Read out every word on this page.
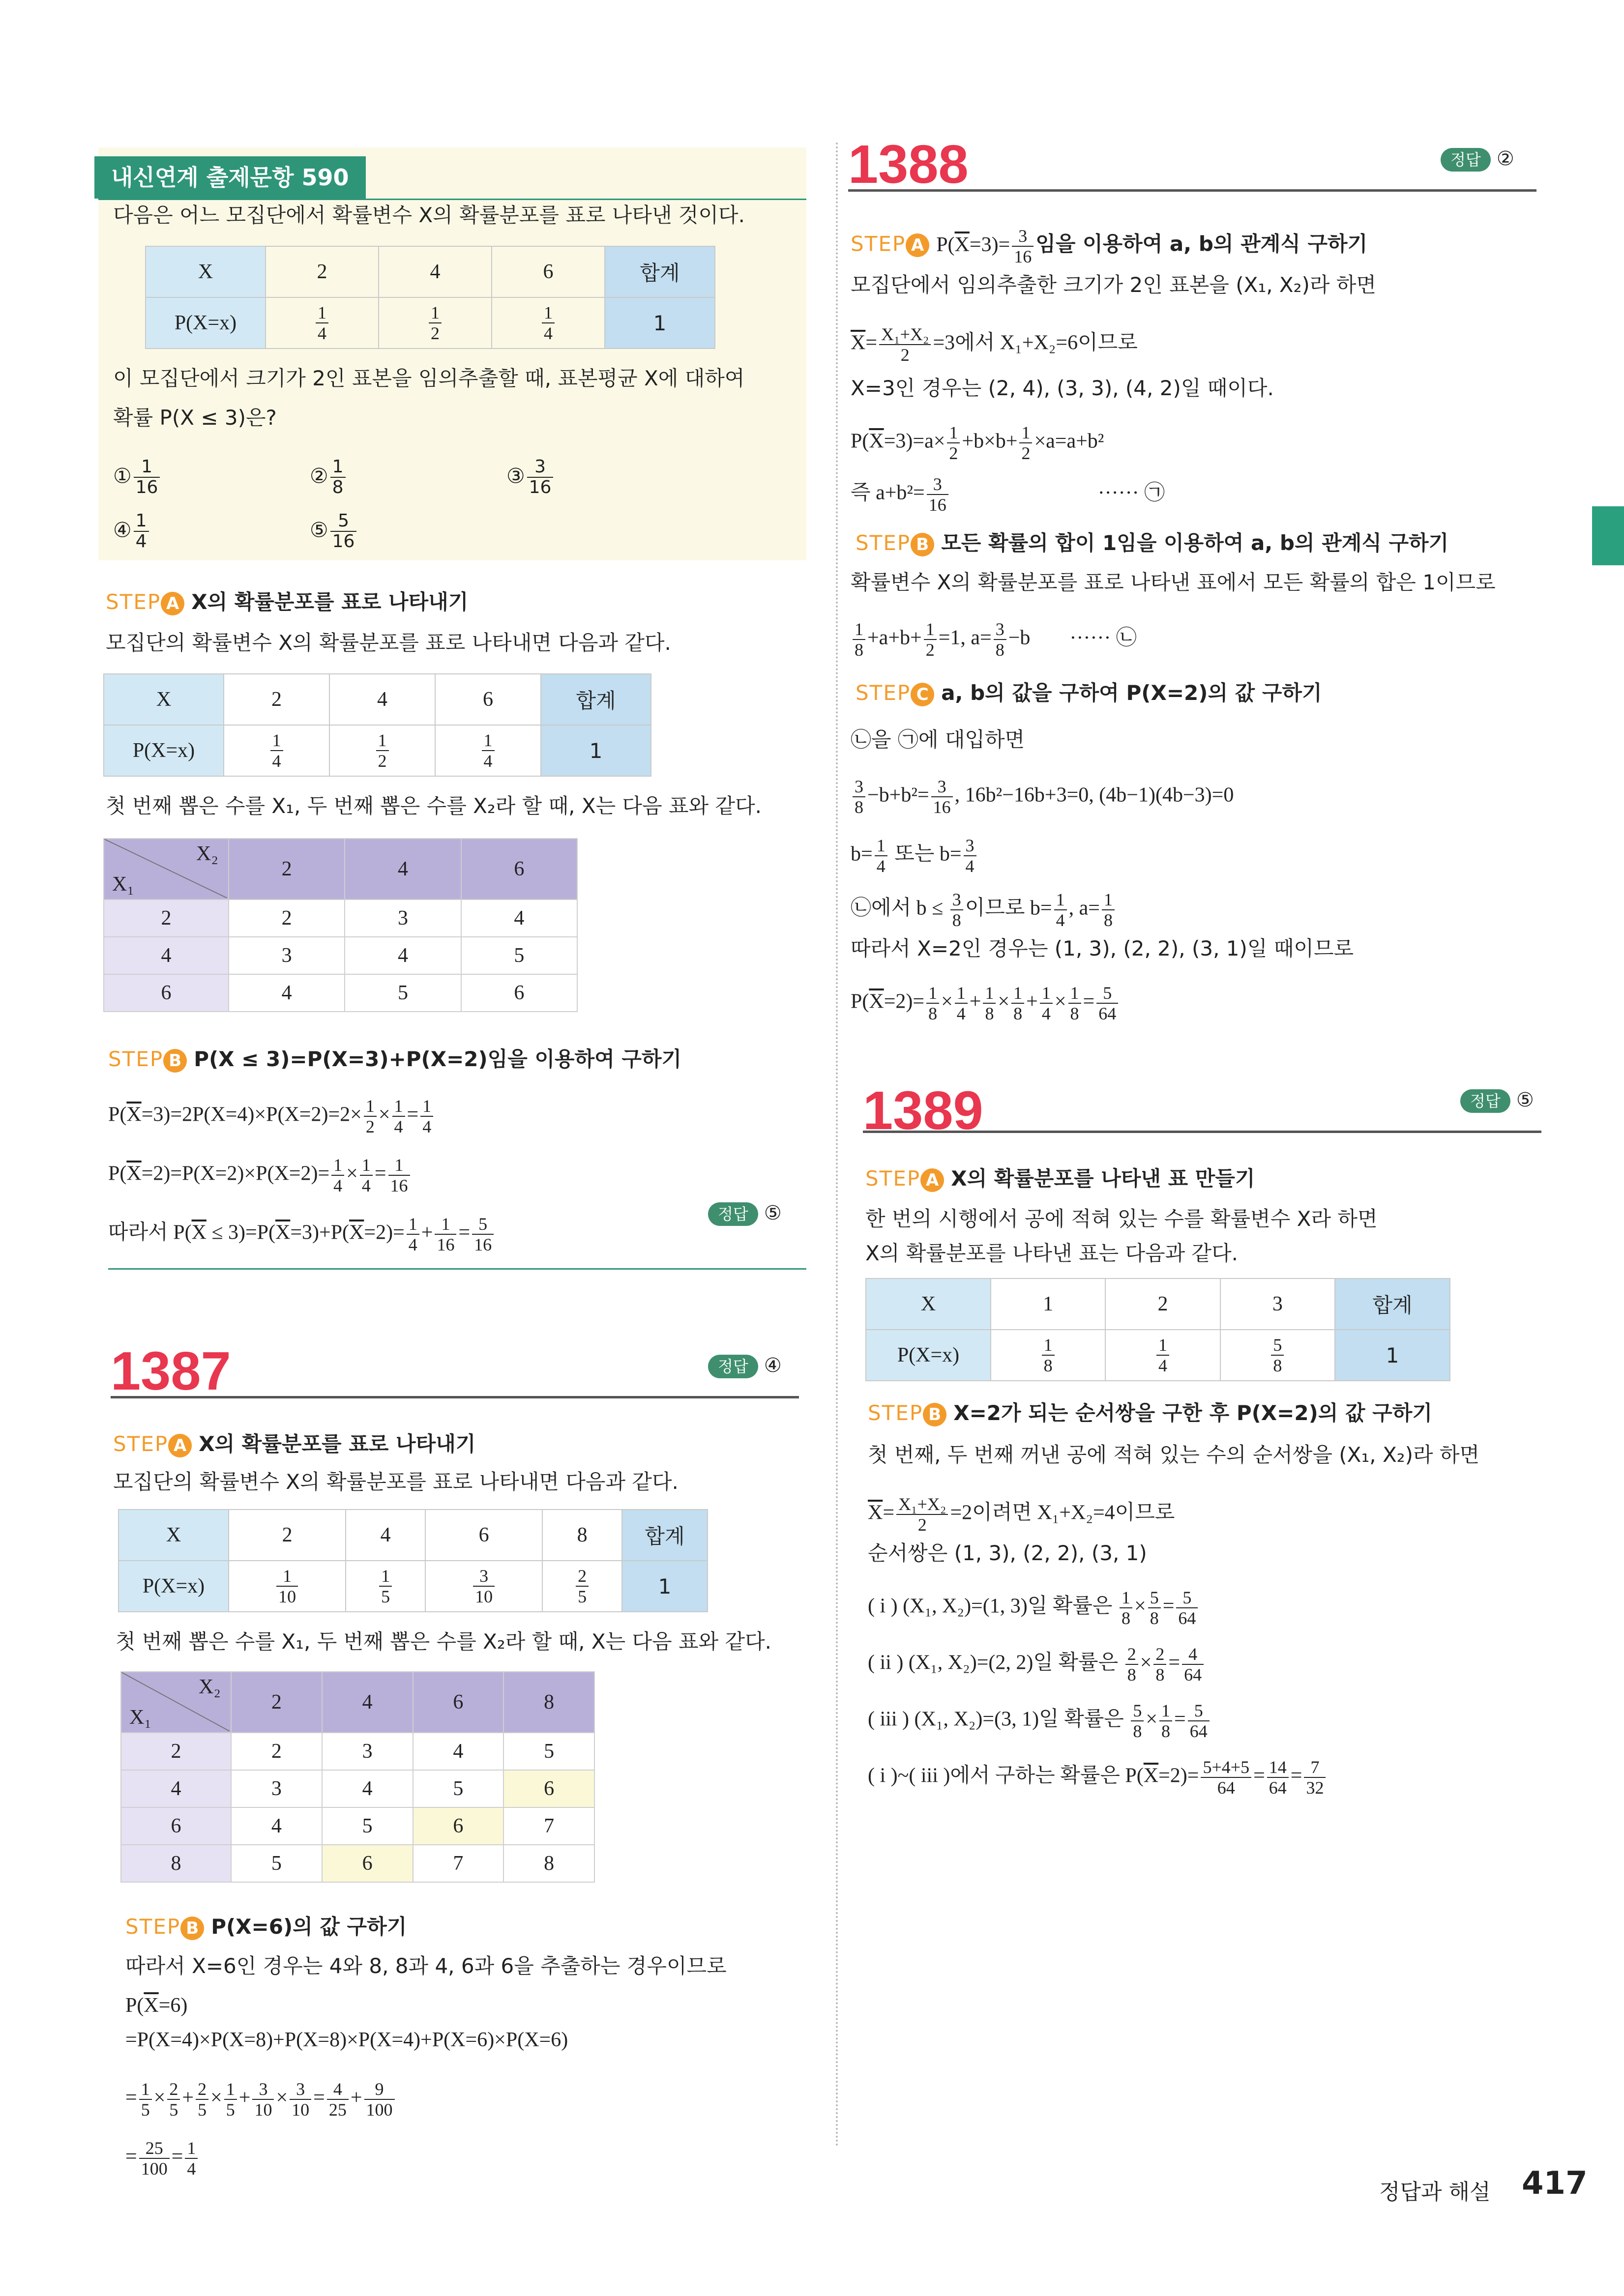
내신연계 출제문항 590
다음은 어느 모집단에서 확률변수 X의 확률분포를 표로 나타낸 것이다.
X	2	4	6	합계
P(X=x)	$\frac{1}{4}$	$\frac{1}{2}$	$\frac{1}{4}$	1
이 모집단에서 크기가 2인 표본을 임의추출할 때, 표본평균 X에 대하여
확률 P(X ≤ 3)은?
① $\frac{1}{16}$	② $\frac{1}{8}$	③ $\frac{3}{16}$
④ $\frac{1}{4}$	⑤ $\frac{5}{16}$
STEP A X의 확률분포를 표로 나타내기
모집단의 확률변수 X의 확률분포를 표로 나타내면 다음과 같다.
X	2	4	6	합계
P(X=x)	$\frac{1}{4}$	$\frac{1}{2}$	$\frac{1}{4}$	1
첫 번째 뽑은 수를 X₁, 두 번째 뽑은 수를 X₂라 할 때, X는 다음 표와 같다.
X₂
X₁	2	4	6
2	2	3	4
4	3	4	5
6	4	5	6
STEP B P(X ≤ 3)=P(X=3)+P(X=2)임을 이용하여 구하기
$P(\overline{X}=3)=2P(X=4)\times P(X=2)=2\times \frac{1}{2} \times \frac{1}{4} = \frac{1}{4}$
$P(\overline{X}=2)=P(X=2)\times P(X=2)= \frac{1}{4} \times \frac{1}{4} = \frac{1}{16}$
따라서 $P(\overline{X} \le 3)=P(\overline{X}=3)+P(\overline{X}=2)= \frac{1}{4} + \frac{1}{16} = \frac{5}{16}$	정답 ⑤
1387	정답 ④
STEP A X의 확률분포를 표로 나타내기
모집단의 확률변수 X의 확률분포를 표로 나타내면 다음과 같다.
X	2	4	6	8	합계
P(X=x)	$\frac{1}{10}$	$\frac{1}{5}$	$\frac{3}{10}$	$\frac{2}{5}$	1
첫 번째 뽑은 수를 X₁, 두 번째 뽑은 수를 X₂라 할 때, X는 다음 표와 같다.
X₂
X₁	2	4	6	8
2	2	3	4	5
4	3	4	5	6
6	4	5	6	7
8	5	6	7	8
STEP B P(X=6)의 값 구하기
따라서 X=6인 경우는 4와 8, 8과 4, 6과 6을 추출하는 경우이므로
$P(\overline{X}=6)$
=P(X=4)×P(X=8)+P(X=8)×P(X=4)+P(X=6)×P(X=6)
= $\frac{1}{5} \times \frac{2}{5} + \frac{2}{5} \times \frac{1}{5} + \frac{3}{10} \times \frac{3}{10} = \frac{4}{25} + \frac{9}{100}$
= $\frac{25}{100} = \frac{1}{4}$
1388	정답 ②
STEP A $P(\overline{X}=3)= \frac{3}{16}$ 임을 이용하여 a, b의 관계식 구하기
모집단에서 임의추출한 크기가 2인 표본을 (X₁, X₂)라 하면
$\overline{X}= \frac{\text{X₁+X₂}}{2} =3$에서 X₁+X₂=6이므로
X=3인 경우는 (2, 4), (3, 3), (4, 2)일 때이다.
$P(\overline{X}=3)=a\times \frac{1}{2} +b\times b+ \frac{1}{2} \times a=a+b^2$
즉 $a+b^2= \frac{3}{16}$	······ ㉠
STEP B 모든 확률의 합이 1임을 이용하여 a, b의 관계식 구하기
확률변수 X의 확률분포를 표로 나타낸 표에서 모든 확률의 합은 1이므로
$\frac{1}{8} +a+b+ \frac{1}{2} =1$, $a= \frac{3}{8} -b$ ······ ㉡
STEP C a, b의 값을 구하여 P(X=2)의 값 구하기
㉡을 ㉠에 대입하면
$\frac{3}{8} -b+b^2= \frac{3}{16}$ , 16b²−16b+3=0, (4b−1)(4b−3)=0
$b= \frac{1}{4}$ 또는 $b= \frac{3}{4}$
㉡에서 $b \le \frac{3}{8}$ 이므로 $b= \frac{1}{4}$ , $a= \frac{1}{8}$
따라서 X=2인 경우는 (1, 3), (2, 2), (3, 1)일 때이므로
$P(\overline{X}=2)= \frac{1}{8} \times \frac{1}{4} + \frac{1}{8} \times \frac{1}{8} + \frac{1}{4} \times \frac{1}{8} = \frac{5}{64}$
1389	정답 ⑤
STEP A X의 확률분포를 나타낸 표 만들기
한 번의 시행에서 공에 적혀 있는 수를 확률변수 X라 하면
X의 확률분포를 나타낸 표는 다음과 같다.
X	1	2	3	합계
P(X=x)	$\frac{1}{8}$	$\frac{1}{4}$	$\frac{5}{8}$	1
STEP B X=2가 되는 순서쌍을 구한 후 P(X=2)의 값 구하기
첫 번째, 두 번째 꺼낸 공에 적혀 있는 수의 순서쌍을 (X₁, X₂)라 하면
$\overline{X}= \frac{\text{X₁+X₂}}{2} =2$이려면 X₁+X₂=4이므로
순서쌍은 (1, 3), (2, 2), (3, 1)
( i ) (X₁, X₂)=(1, 3)일 확률은 $\frac{1}{8} \times \frac{5}{8} = \frac{5}{64}$
( ii ) (X₁, X₂)=(2, 2)일 확률은 $\frac{2}{8} \times \frac{2}{8} = \frac{4}{64}$
( iii ) (X₁, X₂)=(3, 1)일 확률은 $\frac{5}{8} \times \frac{1}{8} = \frac{5}{64}$
( i )~( iii )에서 구하는 확률은 $P(\overline{X}=2)= \frac{5+4+5}{64} = \frac{14}{64} = \frac{7}{32}$
정답과 해설 417
